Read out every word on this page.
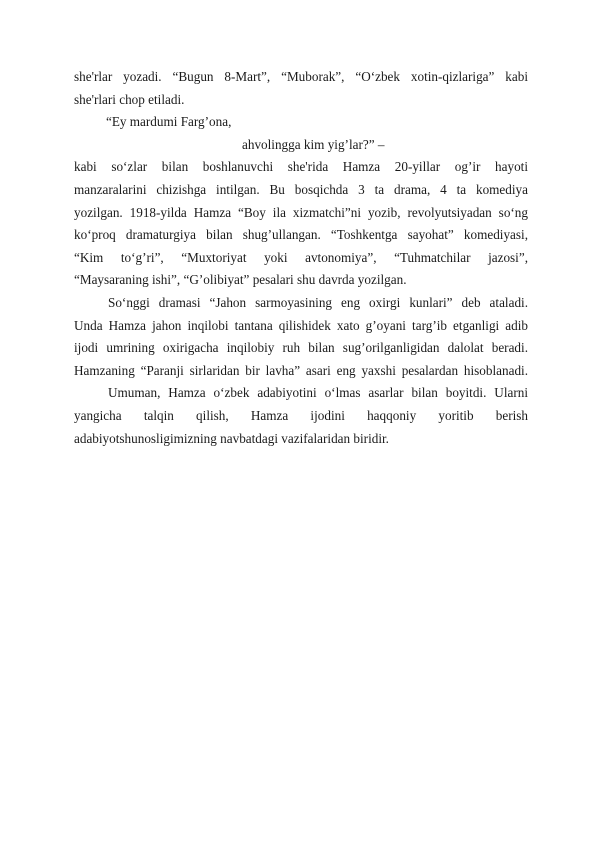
she'rlar yozadi. “Bugun 8-Mart”, “Muborak”, “O‘zbek xotin-qizlariga” kabi
she'rlari chop etiladi.
“Ey mardumi Farg’ona,
ahvolingga kim yig’lar?” –
kabi so‘zlar bilan boshlanuvchi she'rida Hamza 20-yillar og’ir hayoti
manzaralarini chizishga intilgan. Bu bosqichda 3 ta drama, 4 ta komediya
yozilgan. 1918-yilda Hamza “Boy ila xizmatchi”ni yozib, revolyutsiyadan so‘ng
ko‘proq dramaturgiya bilan shug’ullangan. “Toshkentga sayohat” komediyasi,
“Kim to‘g’ri”, “Muxtoriyat yoki avtonomiya”, “Tuhmatchilar jazosi”,
“Maysaraning ishi”, “G’olibiyat” pesalari shu davrda yozilgan.
So‘nggi dramasi “Jahon sarmoyasining eng oxirgi kunlari” deb ataladi.
Unda Hamza jahon inqilobi tantana qilishidek xato g’oyani targ’ib etganligi adib
ijodi umrining oxirigacha inqilobiy ruh bilan sug’orilganligidan dalolat beradi.
Hamzaning “Paranji sirlaridan bir lavha” asari eng yaxshi pesalardan hisoblanadi.
Umuman, Hamza o‘zbek adabiyotini o‘lmas asarlar bilan boyitdi. Ularni
yangicha talqin qilish, Hamza ijodini haqqoniy yoritib berish
adabiyotshunosligimizning navbatdagi vazifalaridan biridir.
